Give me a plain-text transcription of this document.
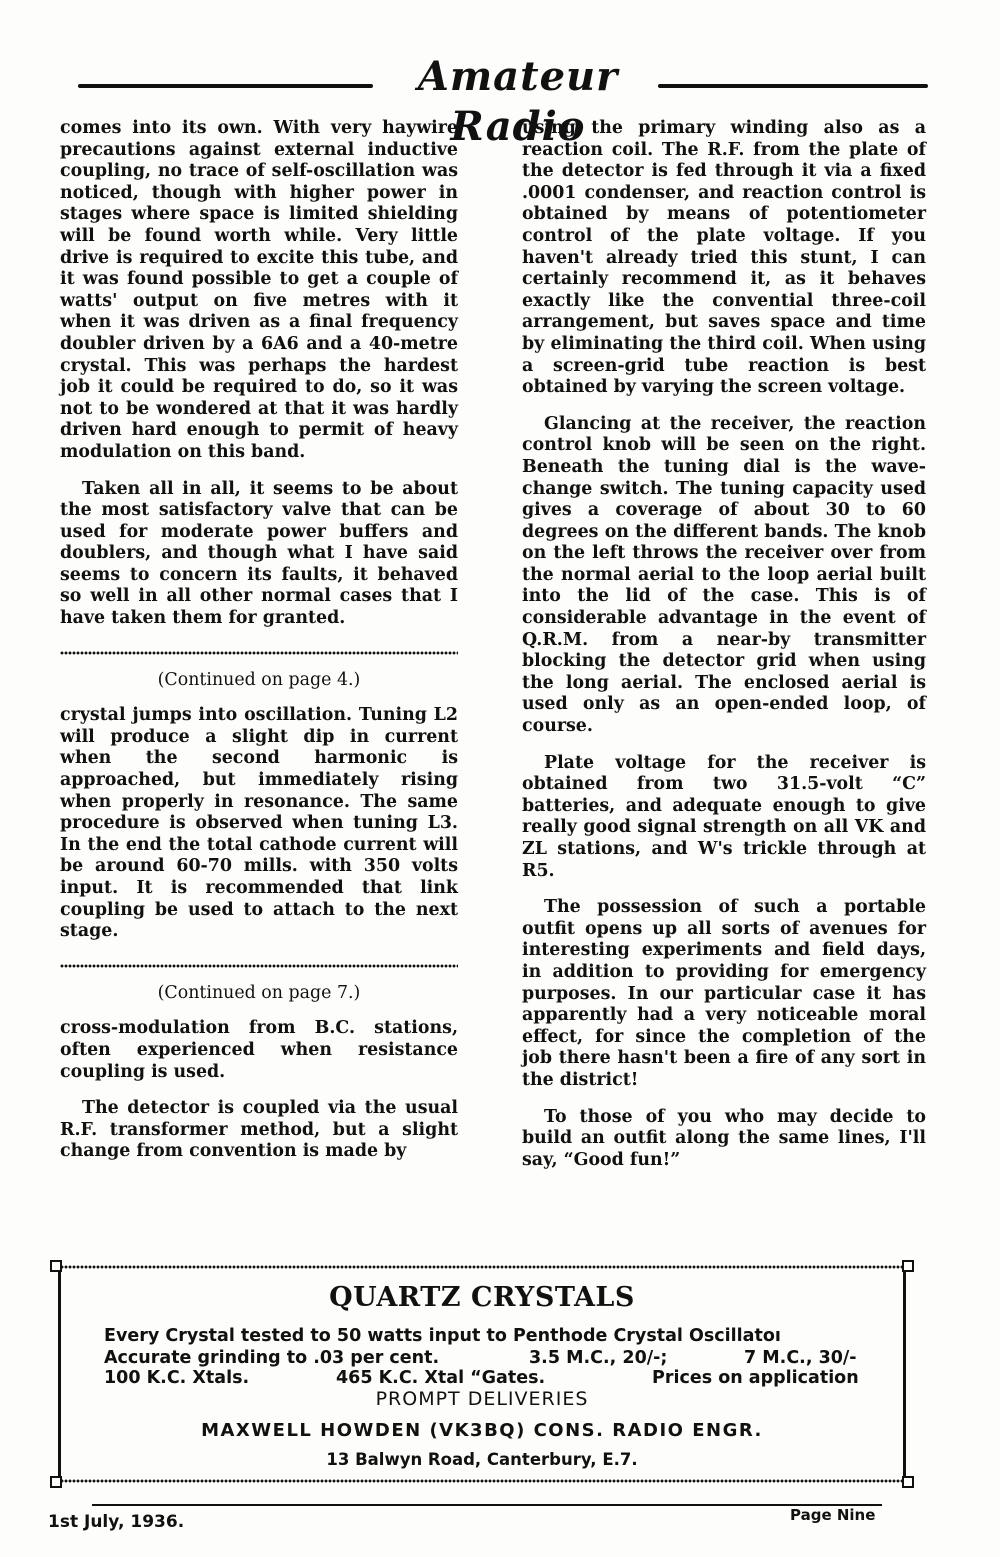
Amateur Radio

comes into its own. With very haywire precautions against external inductive coupling, no trace of self-oscillation was noticed, though with higher power in stages where space is limited shielding will be found worth while. Very little drive is required to excite this tube, and it was found possible to get a couple of watts' output on five metres with it when it was driven as a final frequency doubler driven by a 6A6 and a 40-metre crystal. This was perhaps the hardest job it could be required to do, so it was not to be wondered at that it was hardly driven hard enough to permit of heavy modulation on this band.

Taken all in all, it seems to be about the most satisfactory valve that can be used for moderate power buffers and doublers, and though what I have said seems to concern its faults, it behaved so well in all other normal cases that I have taken them for granted.

(Continued on page 4.)

crystal jumps into oscillation. Tuning L2 will produce a slight dip in current when the second harmonic is approached, but immediately rising when properly in resonance. The same procedure is observed when tuning L3. In the end the total cathode current will be around 60-70 mills. with 350 volts input. It is recommended that link coupling be used to attach to the next stage.

(Continued on page 7.)

cross-modulation from B.C. stations, often experienced when resistance coupling is used.

The detector is coupled via the usual R.F. transformer method, but a slight change from convention is made by

using the primary winding also as a reaction coil. The R.F. from the plate of the detector is fed through it via a fixed .0001 condenser, and reaction control is obtained by means of potentiometer control of the plate voltage. If you haven't already tried this stunt, I can certainly recommend it, as it behaves exactly like the convential three-coil arrangement, but saves space and time by eliminating the third coil. When using a screen-grid tube reaction is best obtained by varying the screen voltage.

Glancing at the receiver, the reaction control knob will be seen on the right. Beneath the tuning dial is the wave-change switch. The tuning capacity used gives a coverage of about 30 to 60 degrees on the different bands. The knob on the left throws the receiver over from the normal aerial to the loop aerial built into the lid of the case. This is of considerable advantage in the event of Q.R.M. from a near-by transmitter blocking the detector grid when using the long aerial. The enclosed aerial is used only as an open-ended loop, of course.

Plate voltage for the receiver is obtained from two 31.5-volt “C” batteries, and adequate enough to give really good signal strength on all VK and ZL stations, and W's trickle through at R5.

The possession of such a portable outfit opens up all sorts of avenues for interesting experiments and field days, in addition to providing for emergency purposes. In our particular case it has apparently had a very noticeable moral effect, for since the completion of the job there hasn't been a fire of any sort in the district!

To those of you who may decide to build an outfit along the same lines, I'll say, “Good fun!”

QUARTZ CRYSTALS
Every Crystal tested to 50 watts input to Penthode Crystal Oscillatoı
Accurate grinding to .03 per cent.	3.5 M.C., 20/-;	7 M.C., 30/-
100 K.C. Xtals.	465 K.C. Xtal “Gates.	Prices on application
PROMPT DELIVERIES
MAXWELL HOWDEN (VK3BQ) CONS. RADIO ENGR.
13 Balwyn Road, Canterbury, E.7.
1st July, 1936.	Page Nine
